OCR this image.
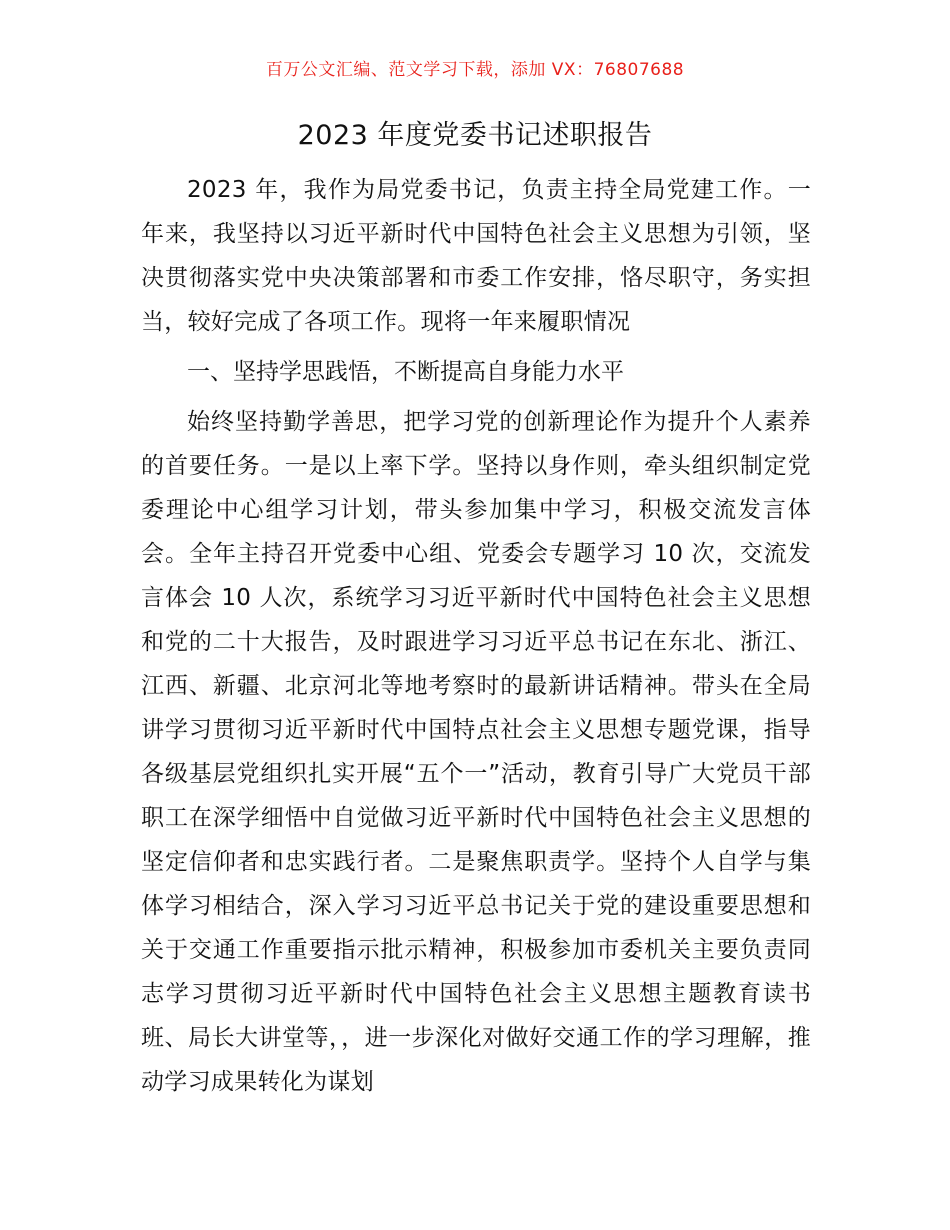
百万公文汇编、范文学习下载，添加 VX：76807688
2023 年度党委书记述职报告

2023 年，我作为局党委书记，负责主持全局党建工作。一年来，我坚持以习近平新时代中国特色社会主义思想为引领，坚决贯彻落实党中央决策部署和市委工作安排，恪尽职守，务实担当，较好完成了各项工作。现将一年来履职情况

一、坚持学思践悟，不断提高自身能力水平

始终坚持勤学善思，把学习党的创新理论作为提升个人素养的首要任务。一是以上率下学。坚持以身作则，牵头组织制定党委理论中心组学习计划，带头参加集中学习，积极交流发言体会。全年主持召开党委中心组、党委会专题学习 10 次，交流发言体会 10 人次，系统学习习近平新时代中国特色社会主义思想和党的二十大报告，及时跟进学习习近平总书记在东北、浙江、江西、新疆、北京河北等地考察时的最新讲话精神。带头在全局讲学习贯彻习近平新时代中国特点社会主义思想专题党课，指导各级基层党组织扎实开展“五个一”活动，教育引导广大党员干部职工在深学细悟中自觉做习近平新时代中国特色社会主义思想的坚定信仰者和忠实践行者。二是聚焦职责学。坚持个人自学与集体学习相结合，深入学习习近平总书记关于党的建设重要思想和关于交通工作重要指示批示精神，积极参加市委机关主要负责同志学习贯彻习近平新时代中国特色社会主义思想主题教育读书班、局长大讲堂等，，进一步深化对做好交通工作的学习理解，推动学习成果转化为谋划
